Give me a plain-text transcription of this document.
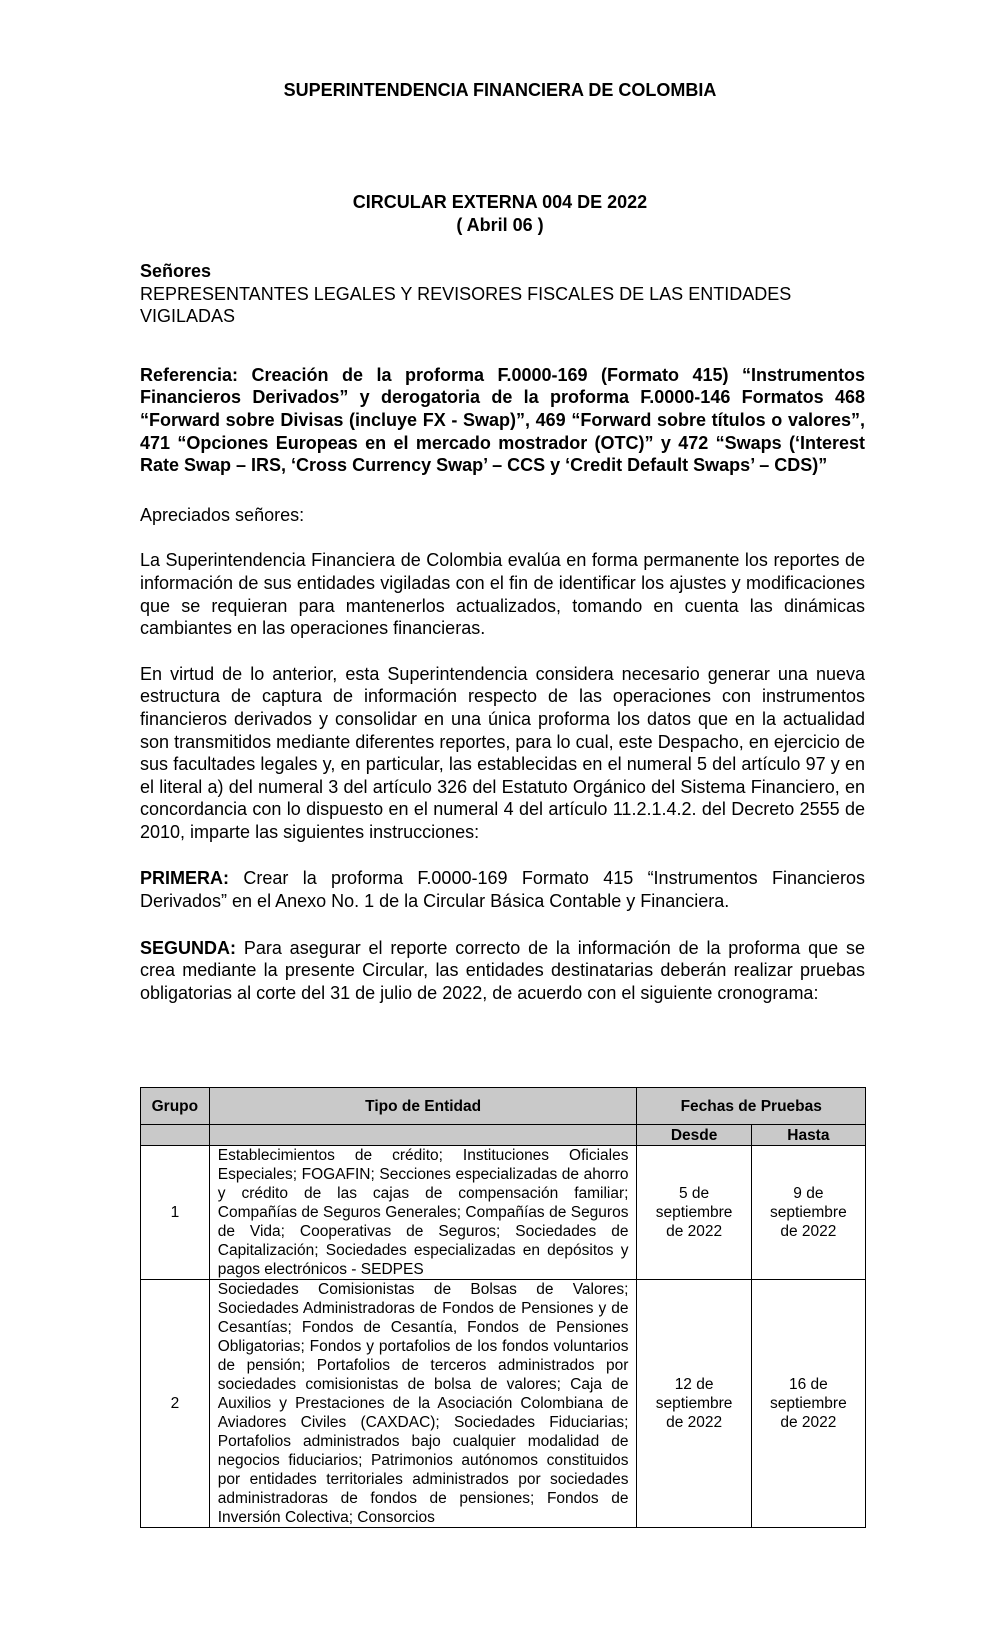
SUPERINTENDENCIA FINANCIERA DE COLOMBIA
CIRCULAR EXTERNA 004 DE 2022
( Abril 06 )

Señores

REPRESENTANTES LEGALES Y REVISORES FISCALES DE LAS ENTIDADES VIGILADAS

Referencia: Creación de la proforma F.0000-169 (Formato 415) “Instrumentos Financieros Derivados” y derogatoria de la proforma F.0000-146 Formatos 468 “Forward sobre Divisas (incluye FX - Swap)”, 469 “Forward sobre títulos o valores”, 471 “Opciones Europeas en el mercado mostrador (OTC)” y 472 “Swaps (‘Interest Rate Swap – IRS, ‘Cross Currency Swap’ – CCS y ‘Credit Default Swaps’ – CDS)”

Apreciados señores:

La Superintendencia Financiera de Colombia evalúa en forma permanente los reportes de información de sus entidades vigiladas con el fin de identificar los ajustes y modificaciones que se requieran para mantenerlos actualizados, tomando en cuenta las dinámicas cambiantes en las operaciones financieras.

En virtud de lo anterior, esta Superintendencia considera necesario generar una nueva estructura de captura de información respecto de las operaciones con instrumentos financieros derivados y consolidar en una única proforma los datos que en la actualidad son transmitidos mediante diferentes reportes, para lo cual, este Despacho, en ejercicio de sus facultades legales y, en particular, las establecidas en el numeral 5 del artículo 97 y en el literal a) del numeral 3 del artículo 326 del Estatuto Orgánico del Sistema Financiero, en concordancia con lo dispuesto en el numeral 4 del artículo 11.2.1.4.2. del Decreto 2555 de 2010, imparte las siguientes instrucciones:

PRIMERA: Crear la proforma F.0000-169 Formato 415 “Instrumentos Financieros Derivados” en el Anexo No. 1 de la Circular Básica Contable y Financiera.

SEGUNDA: Para asegurar el reporte correcto de la información de la proforma que se crea mediante la presente Circular, las entidades destinatarias deberán realizar pruebas obligatorias al corte del 31 de julio de 2022, de acuerdo con el siguiente cronograma:

Grupo	Tipo de Entidad	Fechas de Pruebas	
		Desde	Hasta
1	Establecimientos de crédito; Instituciones Oficiales Especiales; FOGAFIN; Secciones especializadas de ahorro y crédito de las cajas de compensación familiar; Compañías de Seguros Generales; Compañías de Seguros de Vida; Cooperativas de Seguros; Sociedades de Capitalización; Sociedades especializadas en depósitos y pagos electrónicos - SEDPES	5 de septiembre de 2022	9 de septiembre de 2022
2	Sociedades Comisionistas de Bolsas de Valores; Sociedades Administradoras de Fondos de Pensiones y de Cesantías; Fondos de Cesantía, Fondos de Pensiones Obligatorias; Fondos y portafolios de los fondos voluntarios de pensión; Portafolios de terceros administrados por sociedades comisionistas de bolsa de valores; Caja de Auxilios y Prestaciones de la Asociación Colombiana de Aviadores Civiles (CAXDAC); Sociedades Fiduciarias; Portafolios administrados bajo cualquier modalidad de negocios fiduciarios; Patrimonios autónomos constituidos por entidades territoriales administrados por sociedades administradoras de fondos de pensiones; Fondos de Inversión Colectiva; Consorcios	12 de septiembre de 2022	16 de septiembre de 2022
